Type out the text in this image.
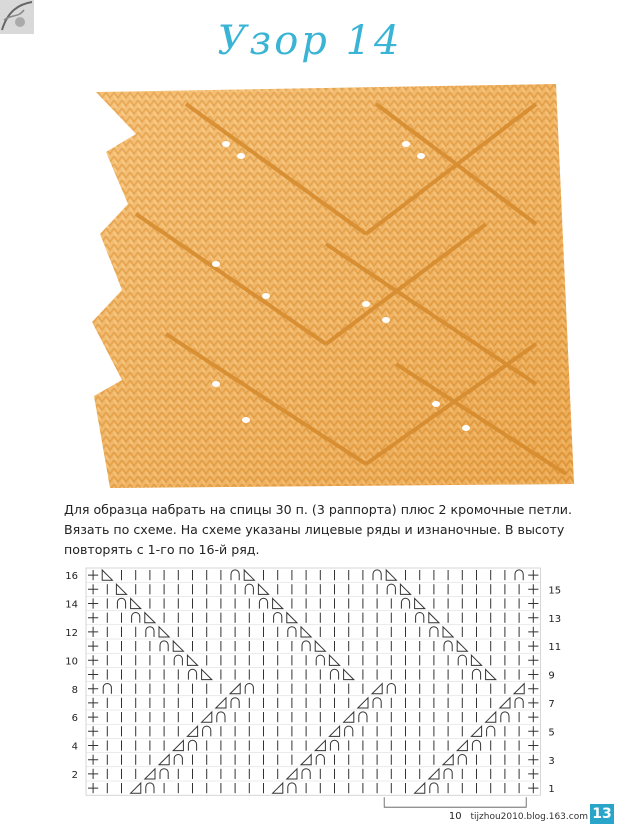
Узор 14
Для образца набрать на спицы 30 п. (3 раппорта) плюс 2 кромочные петли. Вязать по схеме. На схеме указаны лицевые ряды и изнаночные. В высоту повторять с 1-го по 16-й ряд.
16
14
12
10
8
6
4
2
15
13
11
9
7
5
3
1
10 tijzhou2010.blog.163.com 13
